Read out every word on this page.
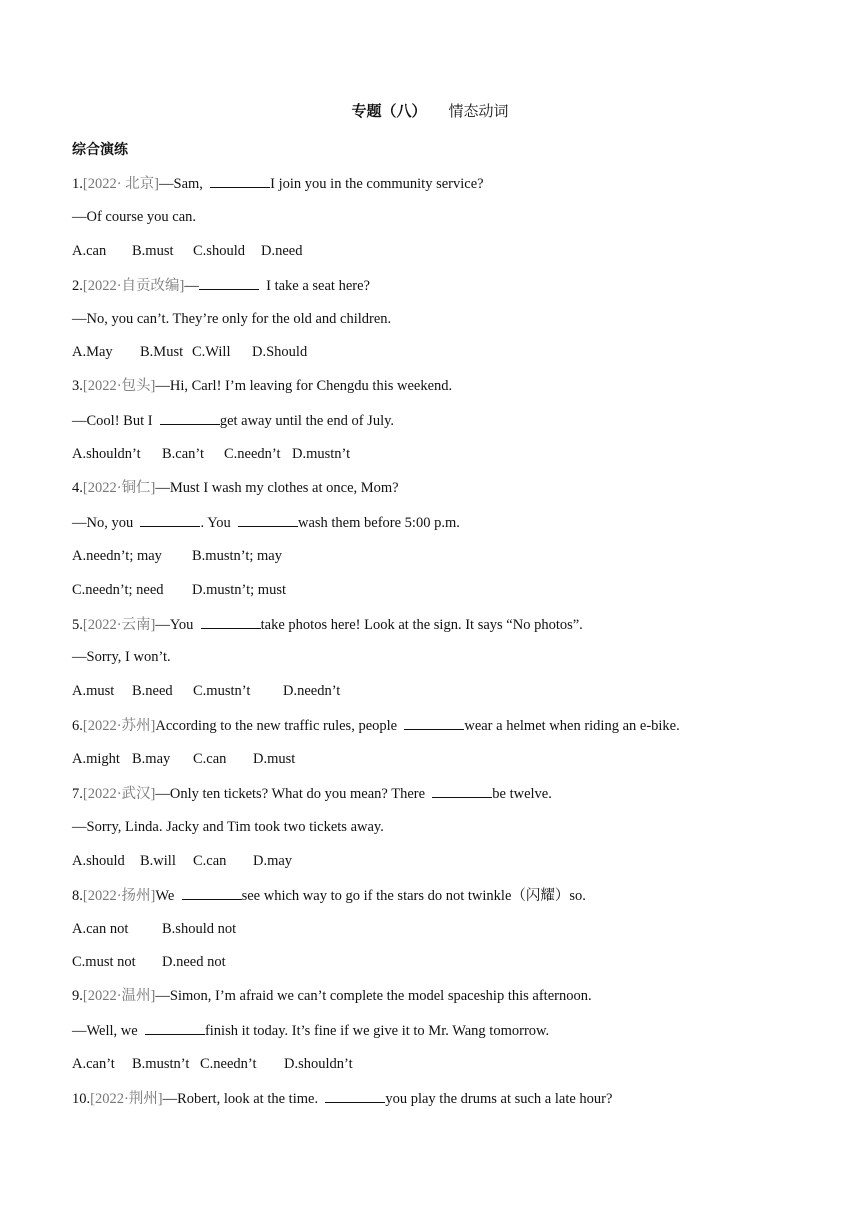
专题（八） 情态动词
综合演练
1.[2022· 北京]—Sam,	I join you in the community service?
—Of course you can.
A.can B.must C.should D.need
2.[2022·自贡改编]—	I take a seat here?
—No, you can’t. They’re only for the old and children.
A.May B.Must C.Will D.Should
3.[2022·包头]—Hi, Carl! I’m leaving for Chengdu this weekend.
—Cool! But I	get away until the end of July.
A.shouldn’t B.can’t C.needn’t D.mustn’t
4.[2022·铜仁]—Must I wash my clothes at once, Mom?
—No, you	. You	wash them before 5:00 p.m.
A.needn’t; may B.mustn’t; may
C.needn’t; need D.mustn’t; must
5.[2022·云南]—You	take photos here! Look at the sign. It says “No photos”.
—Sorry, I won’t.
A.must B.need C.mustn’t D.needn’t
6.[2022·苏州]According to the new traffic rules, people	wear a helmet when riding an e-bike.
A.might B.may C.can D.must
7.[2022·武汉]—Only ten tickets? What do you mean? There	be twelve.
—Sorry, Linda. Jacky and Tim took two tickets away.
A.should B.will C.can D.may
8.[2022·扬州]We	see which way to go if the stars do not twinkle（闪耀）so.
A.can not B.should not
C.must not D.need not
9.[2022·温州]—Simon, I’m afraid we can’t complete the model spaceship this afternoon.
—Well, we	finish it today. It’s fine if we give it to Mr. Wang tomorrow.
A.can’t B.mustn’t C.needn’t D.shouldn’t
10.[2022·荆州]—Robert, look at the time.	you play the drums at such a late hour?
